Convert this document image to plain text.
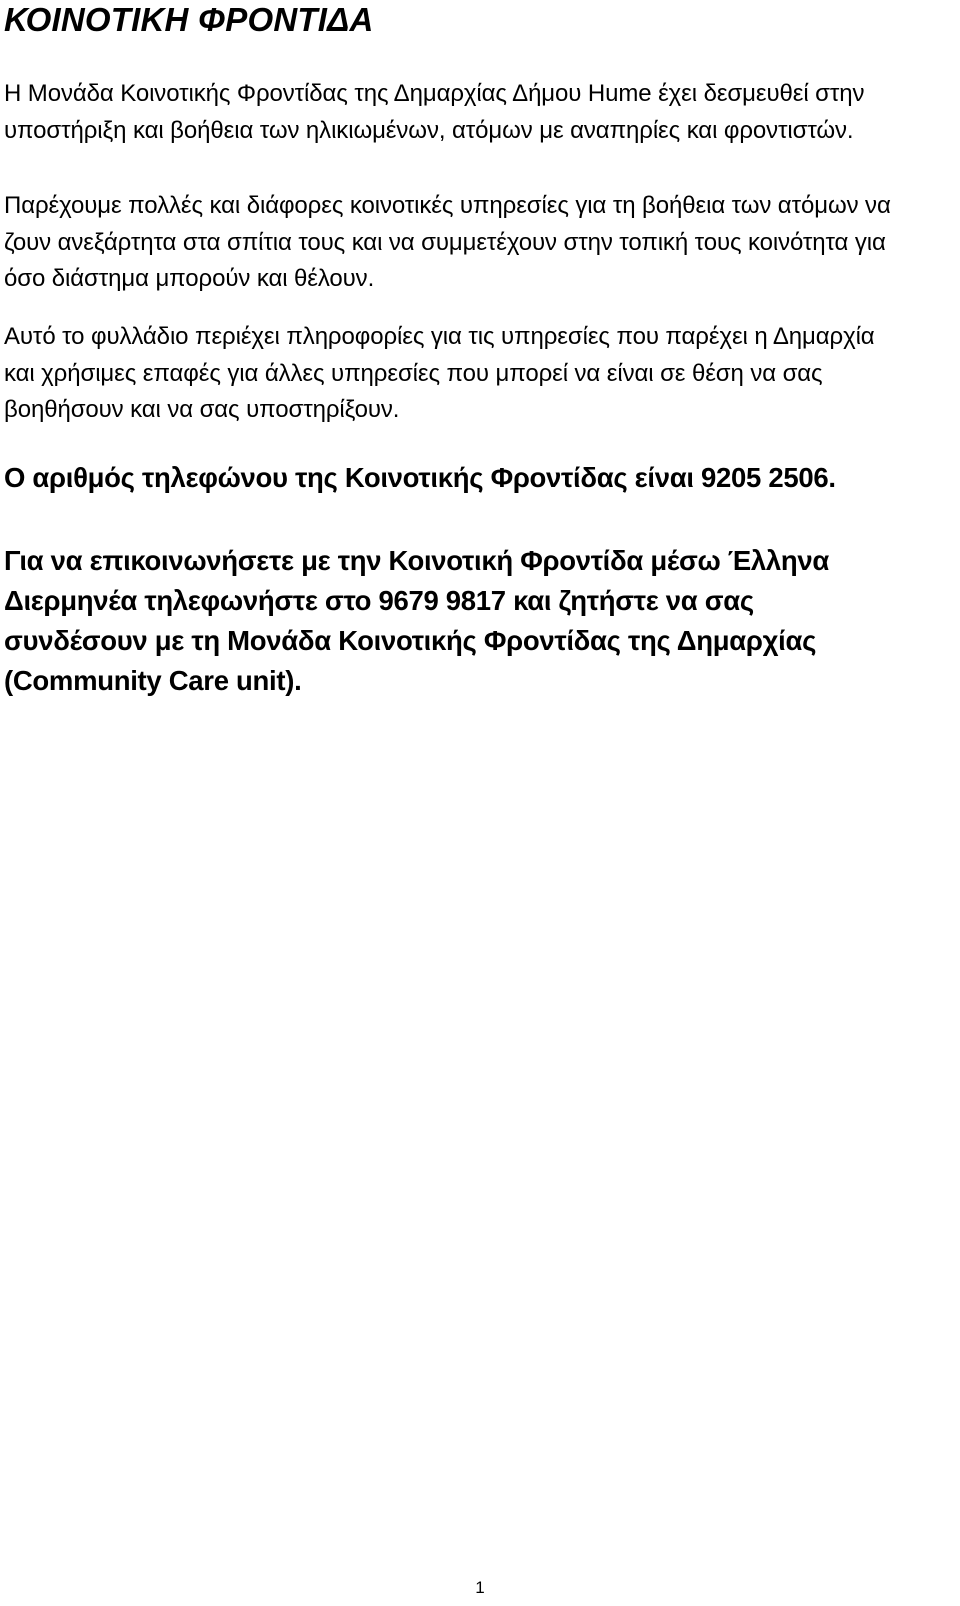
ΚΟΙΝΟΤΙΚΗ ΦΡΟΝΤΙΔΑ

Η Μονάδα Κοινοτικής Φροντίδας της Δημαρχίας Δήμου Hume έχει δεσμευθεί στην
υποστήριξη και βοήθεια των ηλικιωμένων, ατόμων με αναπηρίες και φροντιστών.

Παρέχουμε πολλές και διάφορες κοινοτικές υπηρεσίες για τη βοήθεια των ατόμων να
ζουν ανεξάρτητα στα σπίτια τους και να συμμετέχουν στην τοπική τους κοινότητα για
όσο διάστημα μπορούν και θέλουν.

Αυτό το φυλλάδιο περιέχει πληροφορίες για τις υπηρεσίες που παρέχει η Δημαρχία
και χρήσιμες επαφές για άλλες υπηρεσίες που μπορεί να είναι σε θέση να σας
βοηθήσουν και να σας υποστηρίξουν.

Ο αριθμός τηλεφώνου της Κοινοτικής Φροντίδας είναι 9205 2506.

Για να επικοινωνήσετε με την Κοινοτική Φροντίδα μέσω Έλληνα
Διερμηνέα τηλεφωνήστε στο 9679 9817 και ζητήστε να σας
συνδέσουν με τη Μονάδα Κοινοτικής Φροντίδας της Δημαρχίας
(Community Care unit).

1
